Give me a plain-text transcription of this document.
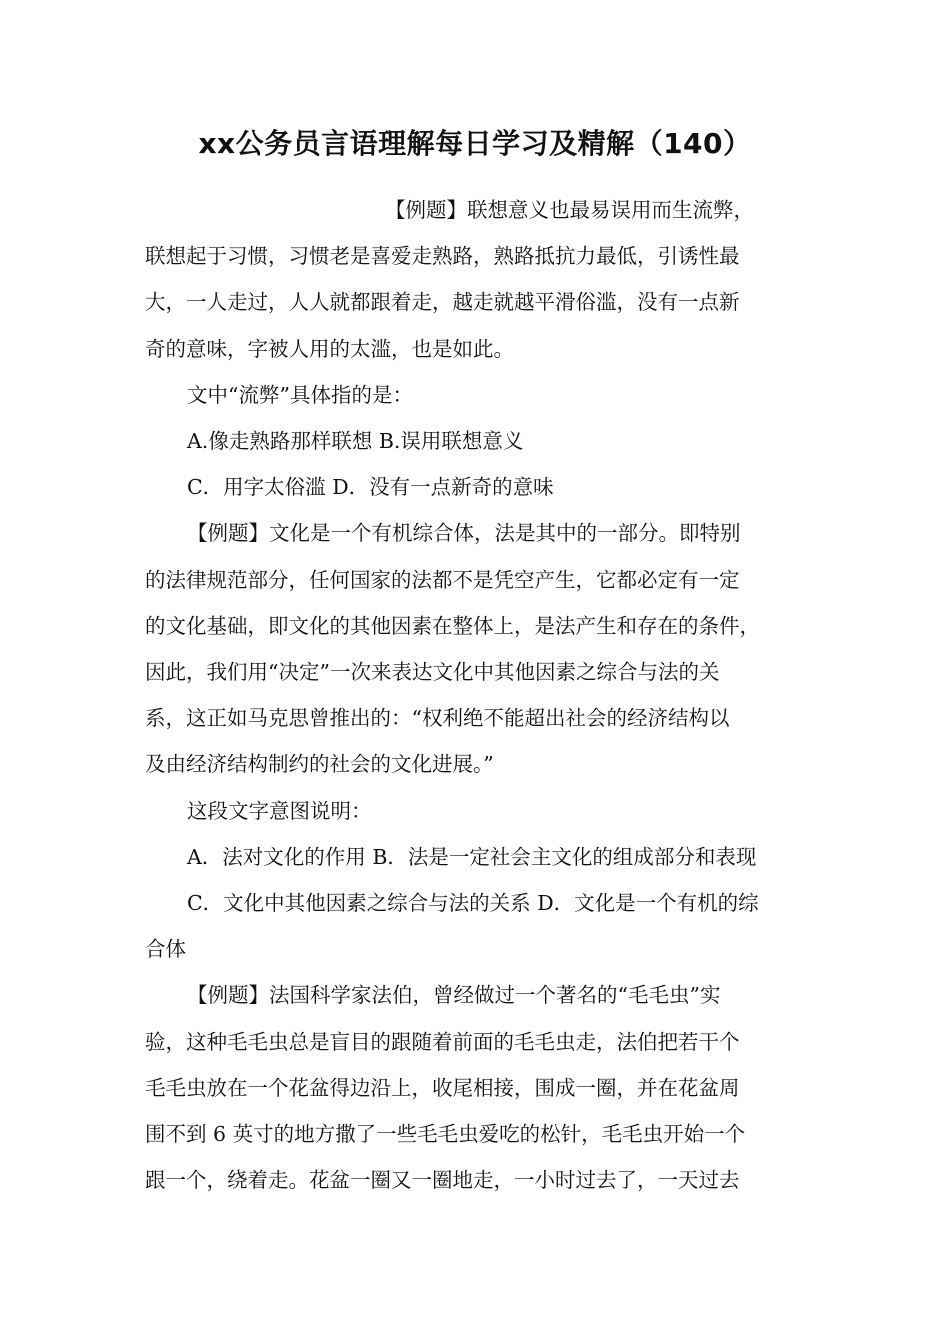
xx公务员言语理解每日学习及精解（140）

【例题】联想意义也最易误用而生流弊，
联想起于习惯，习惯老是喜爱走熟路，熟路抵抗力最低，引诱性最
大，一人走过，人人就都跟着走，越走就越平滑俗滥，没有一点新
奇的意味，字被人用的太滥，也是如此。

文中“流弊”具体指的是：

A.像走熟路那样联想 B.误用联想意义

C．用字太俗滥 D．没有一点新奇的意味

【例题】文化是一个有机综合体，法是其中的一部分。即特别
的法律规范部分，任何国家的法都不是凭空产生，它都必定有一定
的文化基础，即文化的其他因素在整体上，是法产生和存在的条件，
因此，我们用“决定”一次来表达文化中其他因素之综合与法的关
系，这正如马克思曾推出的：“权利绝不能超出社会的经济结构以
及由经济结构制约的社会的文化进展。”

这段文字意图说明：

A．法对文化的作用 B．法是一定社会主文化的组成部分和表现

C．文化中其他因素之综合与法的关系 D．文化是一个有机的综
合体

【例题】法国科学家法伯，曾经做过一个著名的“毛毛虫”实
验，这种毛毛虫总是盲目的跟随着前面的毛毛虫走，法伯把若干个
毛毛虫放在一个花盆得边沿上，收尾相接，围成一圈，并在花盆周
围不到 6 英寸的地方撒了一些毛毛虫爱吃的松针，毛毛虫开始一个
跟一个，绕着走。花盆一圈又一圈地走，一小时过去了，一天过去
